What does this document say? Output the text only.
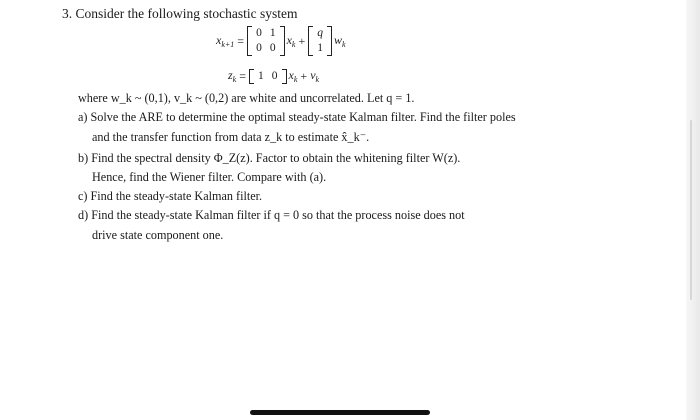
3. Consider the following stochastic system
$x_{k+1}$ =
0	1
0	0
$x_k$ +
q
1
$w_k$
$z_k = 1$	0 $x_k + v_k$
where w_k ~ (0,1), v_k ~ (0,2) are white and uncorrelated. Let q = 1.
a) Solve the ARE to determine the optimal steady-state Kalman filter. Find the filter poles
and the transfer function from data z_k to estimate x̂_k⁻.
b) Find the spectral density Φ_Z(z). Factor to obtain the whitening filter W(z).
Hence, find the Wiener filter. Compare with (a).
c) Find the steady-state Kalman filter.
d) Find the steady-state Kalman filter if q = 0 so that the process noise does not
drive state component one.
